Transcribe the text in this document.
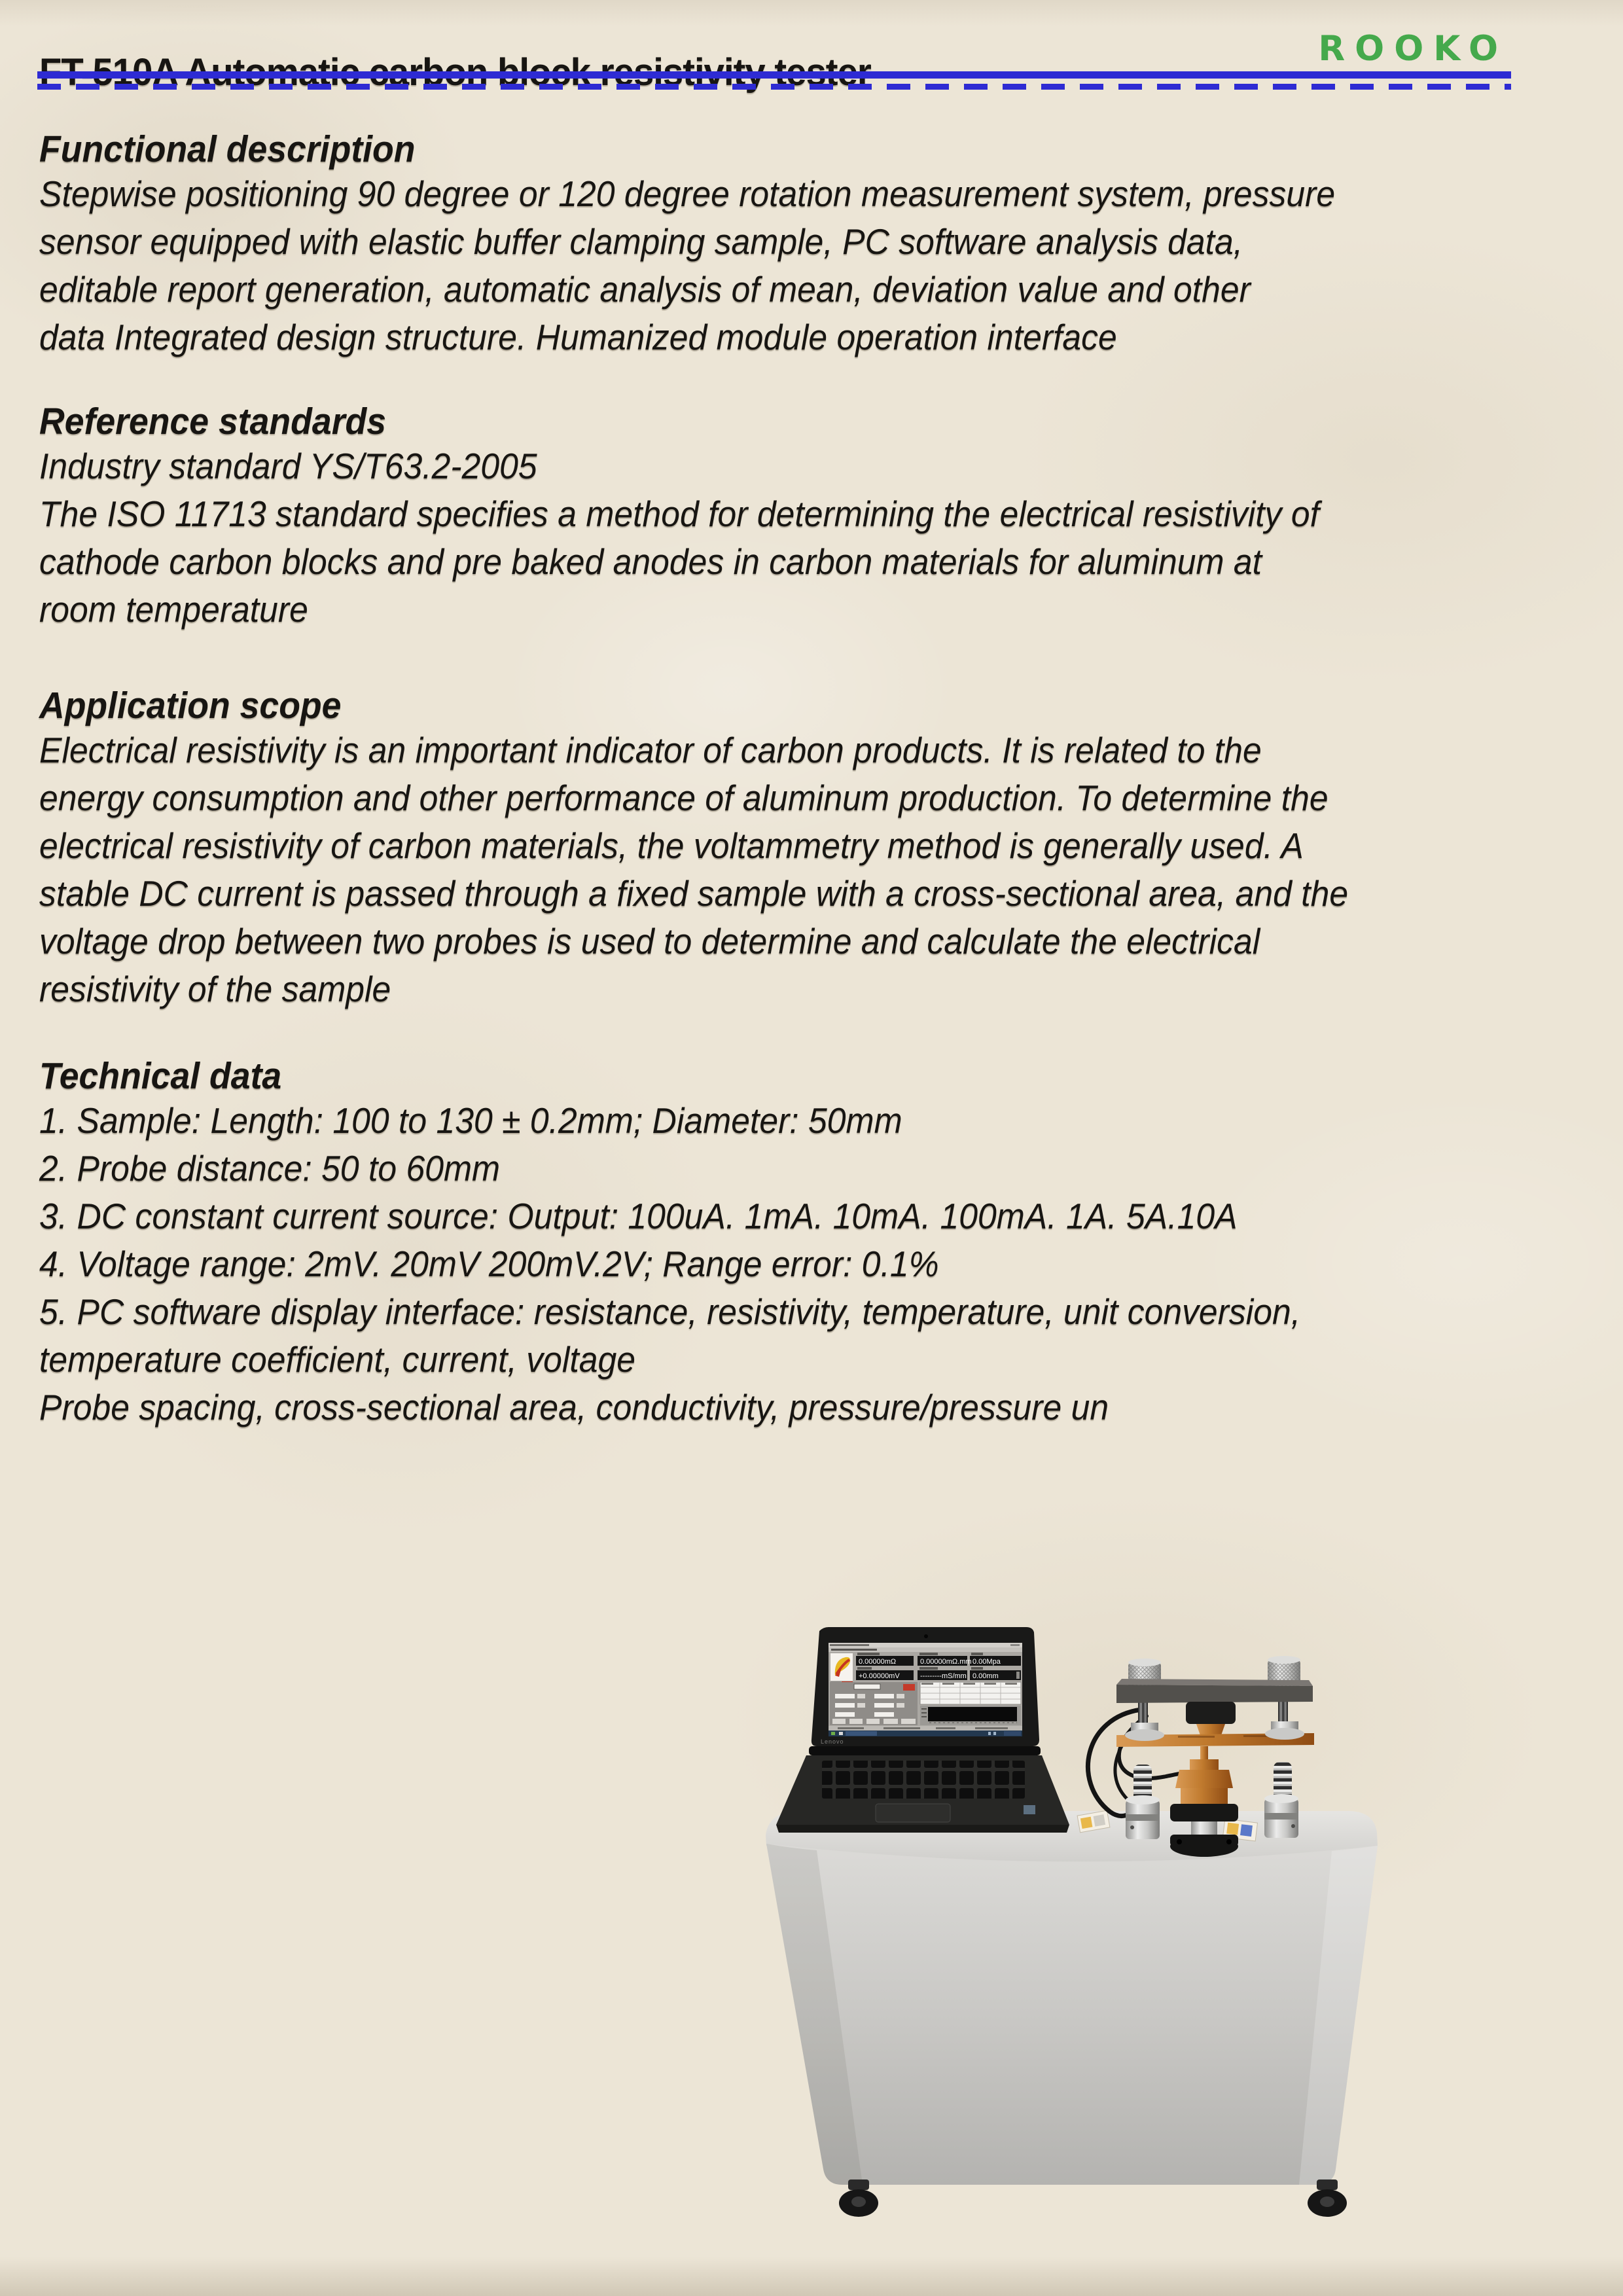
ROOKO
Functional description
Stepwise positioning 90 degree or 120 degree rotation measurement system, pressure
sensor equipped with elastic buffer clamping sample, PC software analysis data,
editable report generation, automatic analysis of mean, deviation value and other
data Integrated design structure. Humanized module operation interface
Reference standards
Industry standard YS/T63.2-2005
The ISO 11713 standard specifies a method for determining the electrical resistivity of
cathode carbon blocks and pre baked anodes in carbon materials for aluminum at
room temperature
Application scope
Electrical resistivity is an important indicator of carbon products. It is related to the
energy consumption and other performance of aluminum production. To determine the
electrical resistivity of carbon materials, the voltammetry method is generally used. A
stable DC current is passed through a fixed sample with a cross-sectional area, and the
voltage drop between two probes is used to determine and calculate the electrical
resistivity of the sample
Technical data
1. Sample: Length: 100 to 130 ± 0.2mm; Diameter: 50mm
2. Probe distance: 50 to 60mm
3. DC constant current source: Output: 100uA. 1mA. 10mA. 100mA. 1A. 5A.10A
4. Voltage range: 2mV. 20mV 200mV.2V; Range error: 0.1%
5. PC software display interface: resistance, resistivity, temperature, unit conversion,
temperature coefficient, current, voltage
Probe spacing, cross-sectional area, conductivity, pressure/pressure un
0.00000mΩ	0.00000mΩ.mm 0.00Mpa
+0.00000mV	---------mS/mm 0.00mm
Lenovo
